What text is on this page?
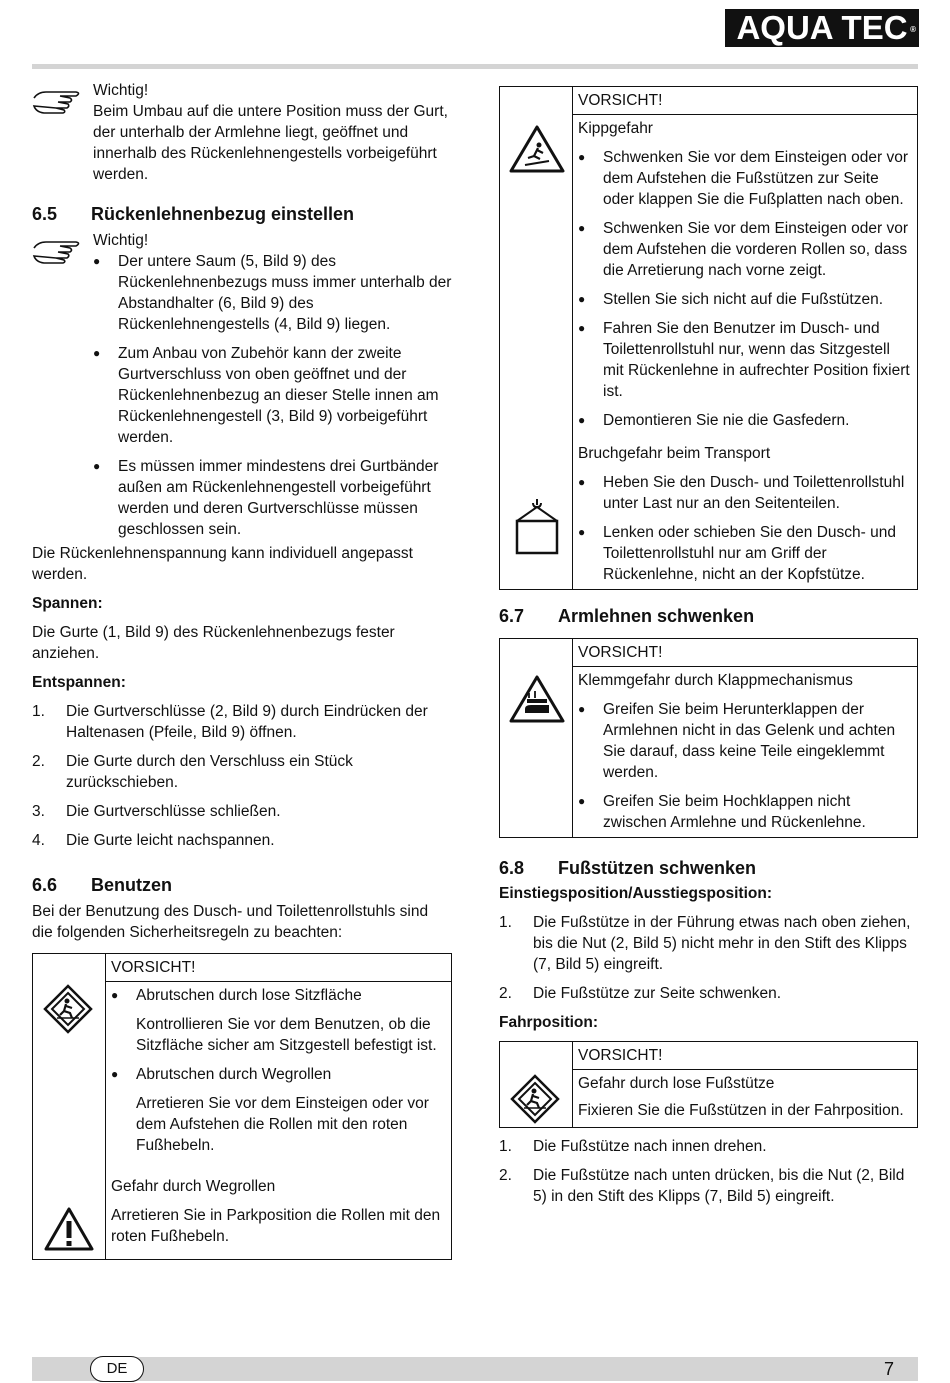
AQUA TEC ®

Wichtig!

Beim Umbau auf die untere Position muss der Gurt, der unterhalb der Armlehne liegt, geöffnet und innerhalb des Rückenlehnengestells vorbeigeführt werden.

6.5 Rückenlehnenbezug einstellen

Wichtig!

● Der untere Saum (5, Bild 9) des Rückenlehnenbezugs muss immer unterhalb der Abstandhalter (6, Bild 9) des Rückenlehnengestells (4, Bild 9) liegen.
● Zum Anbau von Zubehör kann der zweite Gurtverschluss von oben geöffnet und der Rückenlehnenbezug an dieser Stelle innen am Rückenlehnengestell (3, Bild 9) vorbeigeführt werden.
● Es müssen immer mindestens drei Gurtbänder außen am Rückenlehnengestell vorbeigeführt werden und deren Gurtverschlüsse müssen geschlossen sein.

Die Rückenlehnenspannung kann individuell angepasst werden.

Spannen:

Die Gurte (1, Bild 9) des Rückenlehnenbezugs fester anziehen.

Entspannen:

1. Die Gurtverschlüsse (2, Bild 9) durch Eindrücken der Haltenasen (Pfeile, Bild 9) öffnen.
2. Die Gurte durch den Verschluss ein Stück zurückschieben.
3. Die Gurtverschlüsse schließen.
4. Die Gurte leicht nachspannen.
6.6 Benutzen

Bei der Benutzung des Dusch- und Toilettenrollstuhls sind die folgenden Sicherheitsregeln zu beachten:

VORSICHT!
● Abrutschen durch lose Sitzfläche

Kontrollieren Sie vor dem Benutzen, ob die Sitzfläche sicher am Sitzgestell befestigt ist.

● Abrutschen durch Wegrollen

Arretieren Sie vor dem Einsteigen oder vor dem Aufstehen die Rollen mit den roten Fußhebeln.

Gefahr durch Wegrollen

Arretieren Sie in Parkposition die Rollen mit den roten Fußhebeln.

VORSICHT!

Kippgefahr

● Schwenken Sie vor dem Einsteigen oder vor dem Aufstehen die Fußstützen zur Seite oder klappen Sie die Fußplatten nach oben.
● Schwenken Sie vor dem Einsteigen oder vor dem Aufstehen die vorderen Rollen so, dass die Arretierung nach vorne zeigt.
● Stellen Sie sich nicht auf die Fußstützen.
● Fahren Sie den Benutzer im Dusch- und Toilettenrollstuhl nur, wenn das Sitzgestell mit Rückenlehne in aufrechter Position fixiert ist.
● Demontieren Sie nie die Gasfedern.

Bruchgefahr beim Transport

● Heben Sie den Dusch- und Toilettenrollstuhl unter Last nur an den Seitenteilen.
● Lenken oder schieben Sie den Dusch- und Toilettenrollstuhl nur am Griff der Rückenlehne, nicht an der Kopfstütze.
6.7 Armlehnen schwenken
VORSICHT!

Klemmgefahr durch Klappmechanismus

● Greifen Sie beim Herunterklappen der Armlehnen nicht in das Gelenk und achten Sie darauf, dass keine Teile eingeklemmt werden.
● Greifen Sie beim Hochklappen nicht zwischen Armlehne und Rückenlehne.
6.8 Fußstützen schwenken

Einstiegsposition/Ausstiegsposition:

1. Die Fußstütze in der Führung etwas nach oben ziehen, bis die Nut (2, Bild 5) nicht mehr in den Stift des Klipps (7, Bild 5) eingreift.
2. Die Fußstütze zur Seite schwenken.

Fahrposition:

VORSICHT!

Gefahr durch lose Fußstütze

Fixieren Sie die Fußstützen in der Fahrposition.

1. Die Fußstütze nach innen drehen.
2. Die Fußstütze nach unten drücken, bis die Nut (2, Bild 5) in den Stift des Klipps (7, Bild 5) eingreift.
DE	7
